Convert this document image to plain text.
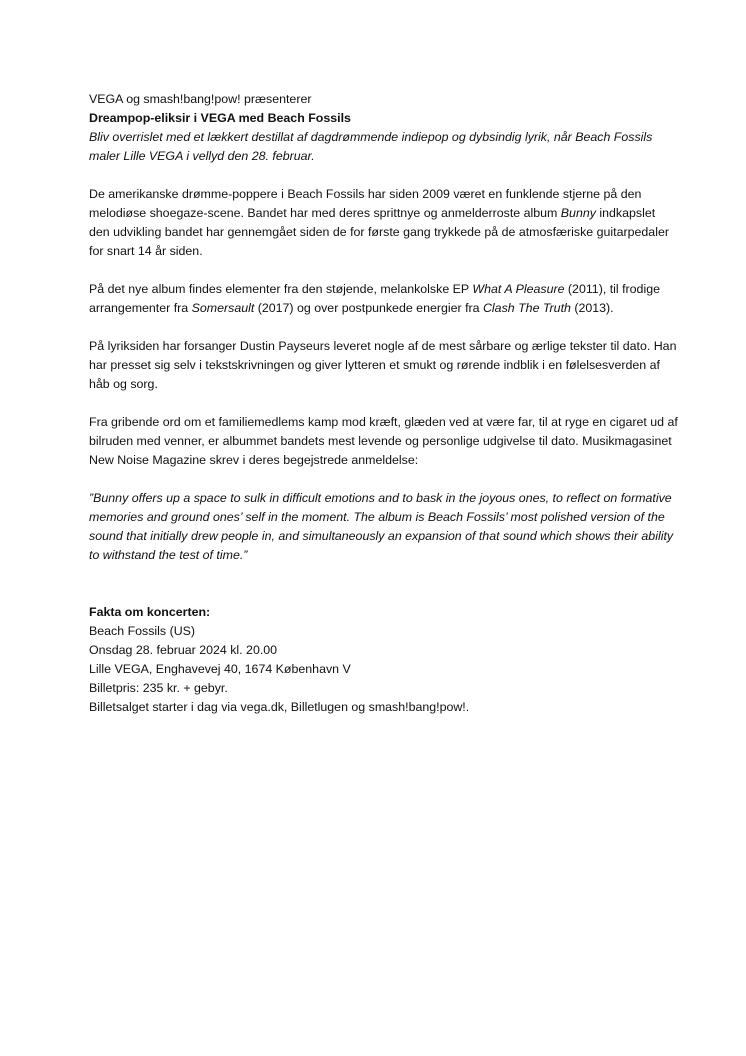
VEGA og smash!bang!pow! præsenterer

Dreampop-eliksir i VEGA med Beach Fossils

Bliv overrislet med et lækkert destillat af dagdrømmende indiepop og dybsindig lyrik, når Beach Fossils maler Lille VEGA i vellyd den 28. februar.

De amerikanske drømme-poppere i Beach Fossils har siden 2009 været en funklende stjerne på den melodiøse shoegaze-scene. Bandet har med deres sprittnye og anmelderroste album Bunny indkapslet den udvikling bandet har gennemgået siden de for første gang trykkede på de atmosfæriske guitarpedaler for snart 14 år siden.

På det nye album findes elementer fra den støjende, melankolske EP What A Pleasure (2011), til frodige arrangementer fra Somersault (2017) og over postpunkede energier fra Clash The Truth (2013).

På lyriksiden har forsanger Dustin Payseurs leveret nogle af de mest sårbare og ærlige tekster til dato. Han har presset sig selv i tekstskrivningen og giver lytteren et smukt og rørende indblik i en følelsesverden af håb og sorg.

Fra gribende ord om et familiemedlems kamp mod kræft, glæden ved at være far, til at ryge en cigaret ud af bilruden med venner, er albummet bandets mest levende og personlige udgivelse til dato. Musikmagasinet New Noise Magazine skrev i deres begejstrede anmeldelse:

”Bunny offers up a space to sulk in difficult emotions and to bask in the joyous ones, to reflect on formative memories and ground ones’ self in the moment. The album is Beach Fossils’ most polished version of the sound that initially drew people in, and simultaneously an expansion of that sound which shows their ability to withstand the test of time.”

Fakta om koncerten:

Beach Fossils (US)

Onsdag 28. februar 2024 kl. 20.00

Lille VEGA, Enghavevej 40, 1674 København V

Billetpris: 235 kr. + gebyr.

Billetsalget starter i dag via vega.dk, Billetlugen og smash!bang!pow!.
